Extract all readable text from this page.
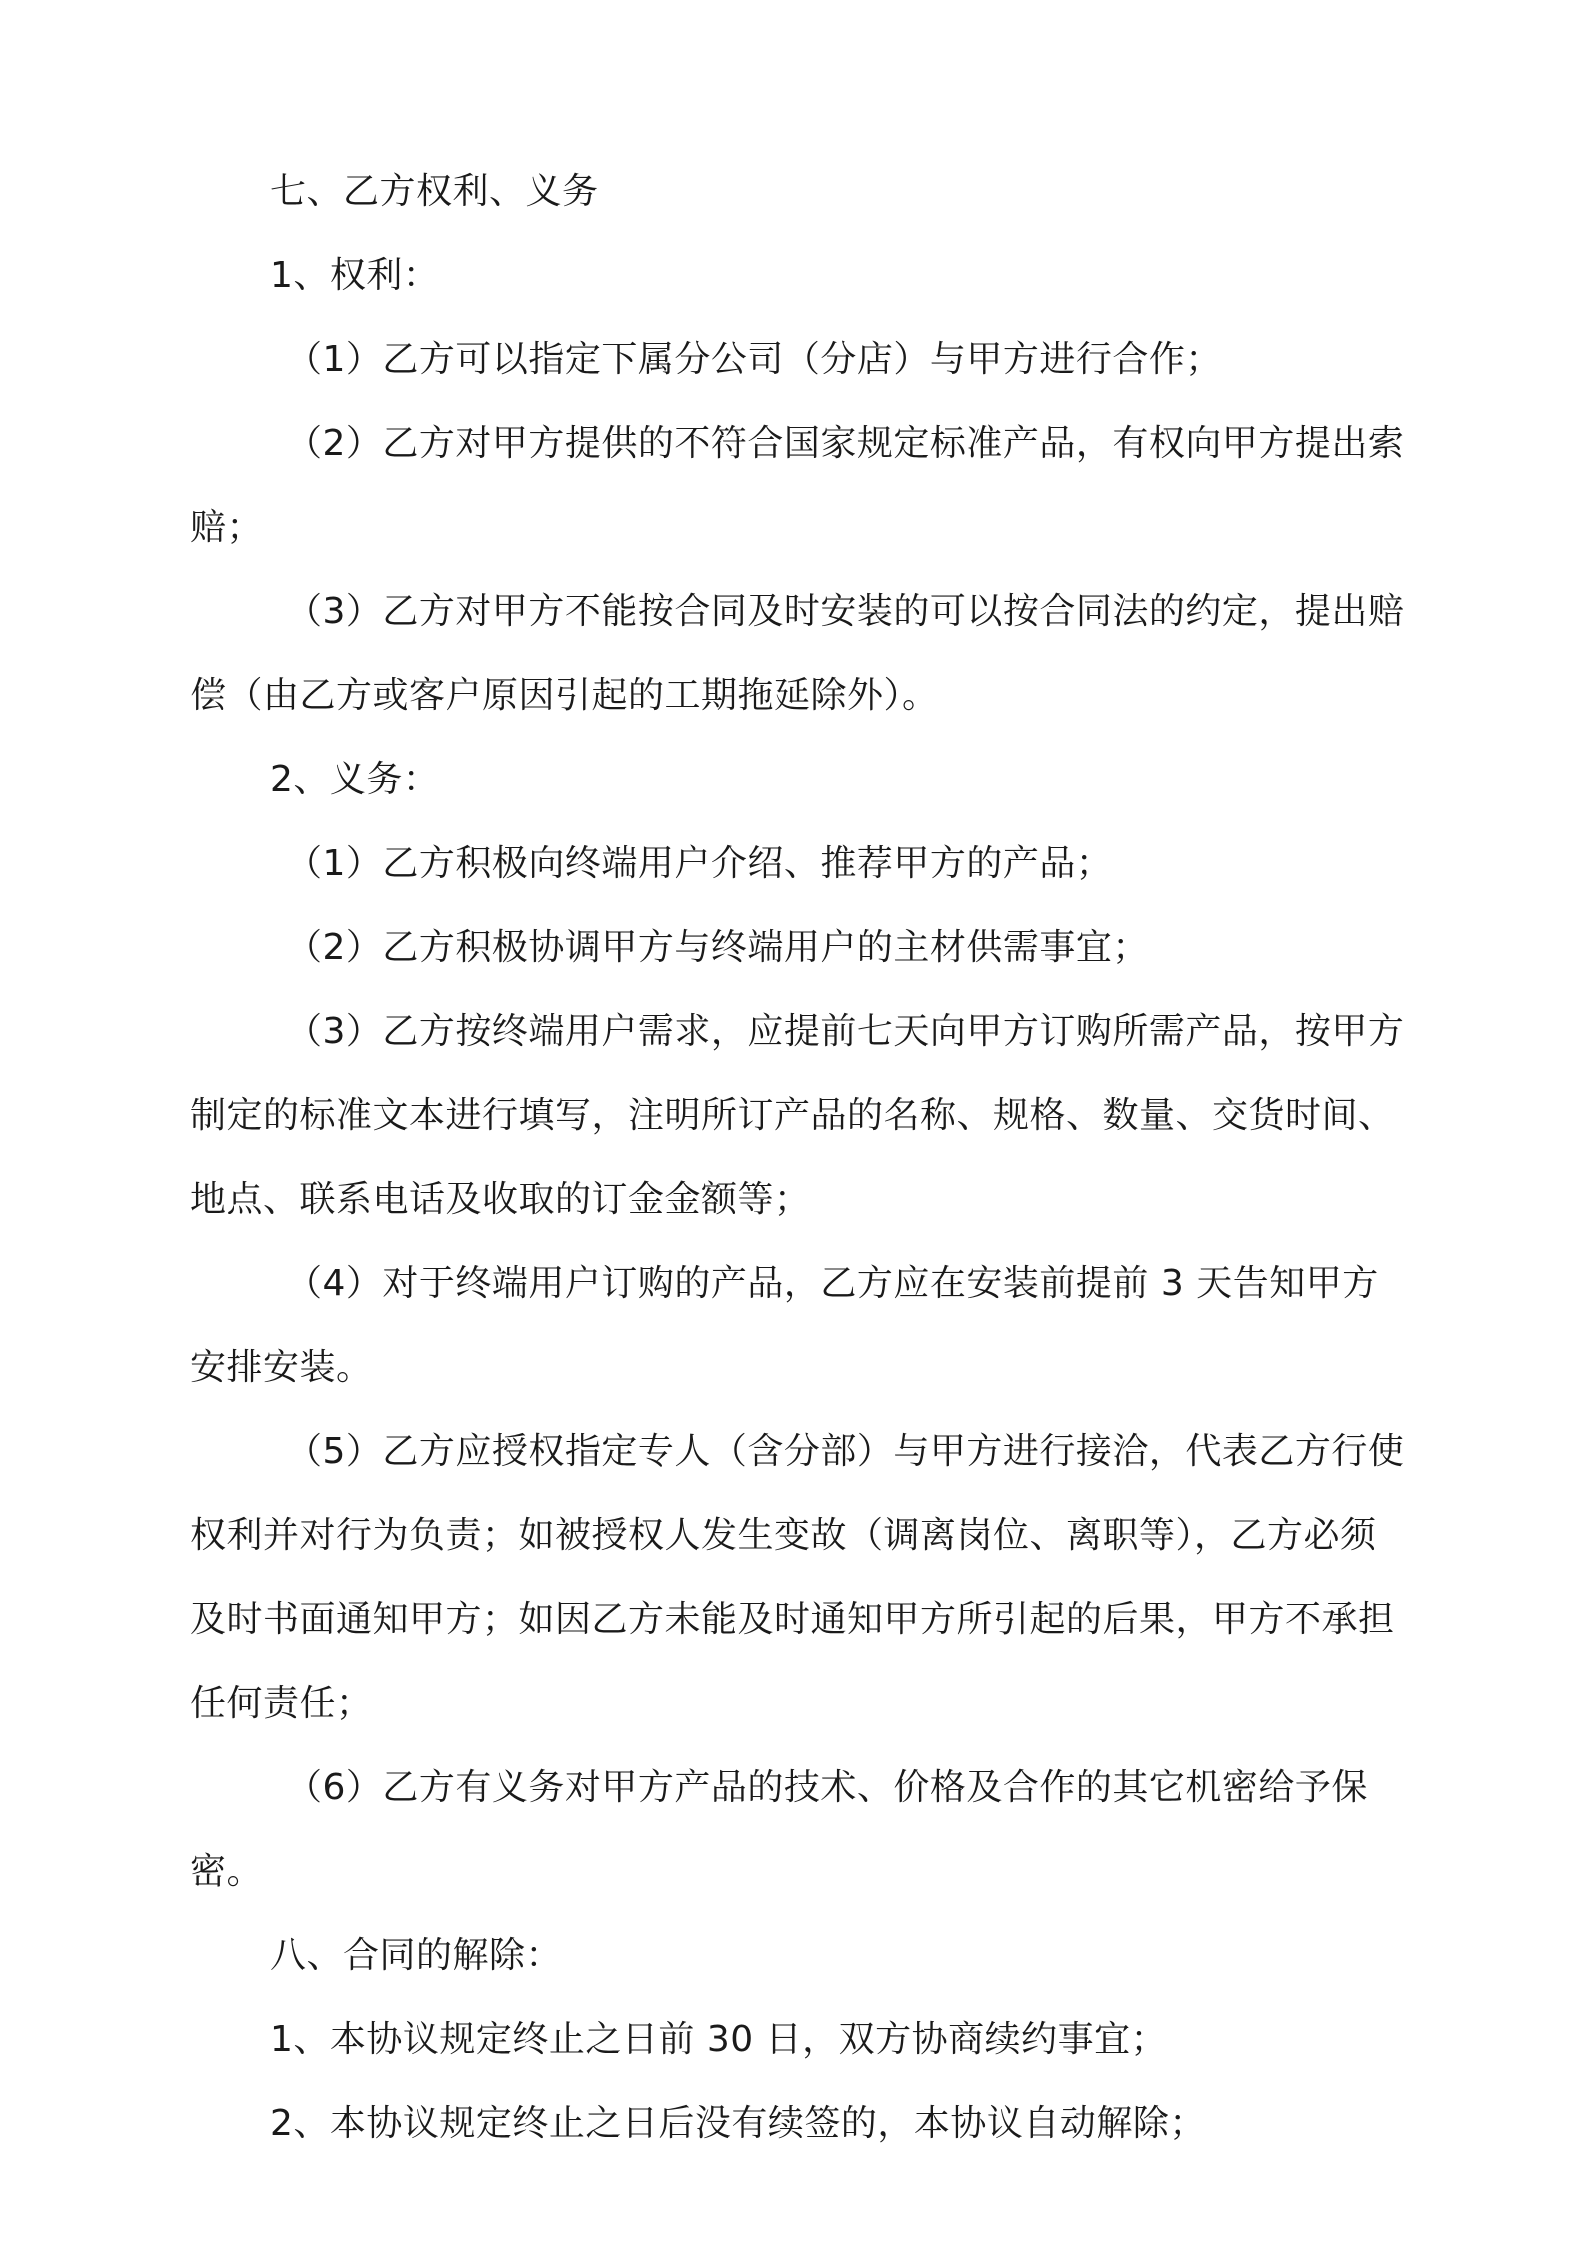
七、乙方权利、义务

1、权利：

（1）乙方可以指定下属分公司（分店）与甲方进行合作；

（2）乙方对甲方提供的不符合国家规定标准产品，有权向甲方提出索赔；

（3）乙方对甲方不能按合同及时安装的可以按合同法的约定，提出赔偿（由乙方或客户原因引起的工期拖延除外）。

2、义务：

（1）乙方积极向终端用户介绍、推荐甲方的产品；

（2）乙方积极协调甲方与终端用户的主材供需事宜；

（3）乙方按终端用户需求，应提前七天向甲方订购所需产品，按甲方制定的标准文本进行填写，注明所订产品的名称、规格、数量、交货时间、地点、联系电话及收取的订金金额等；

（4）对于终端用户订购的产品，乙方应在安装前提前 3 天告知甲方安排安装。

（5）乙方应授权指定专人（含分部）与甲方进行接洽，代表乙方行使权利并对行为负责；如被授权人发生变故（调离岗位、离职等），乙方必须及时书面通知甲方；如因乙方未能及时通知甲方所引起的后果，甲方不承担任何责任；

（6）乙方有义务对甲方产品的技术、价格及合作的其它机密给予保密。

八、合同的解除：

1、本协议规定终止之日前 30 日，双方协商续约事宜；

2、本协议规定终止之日后没有续签的，本协议自动解除；
